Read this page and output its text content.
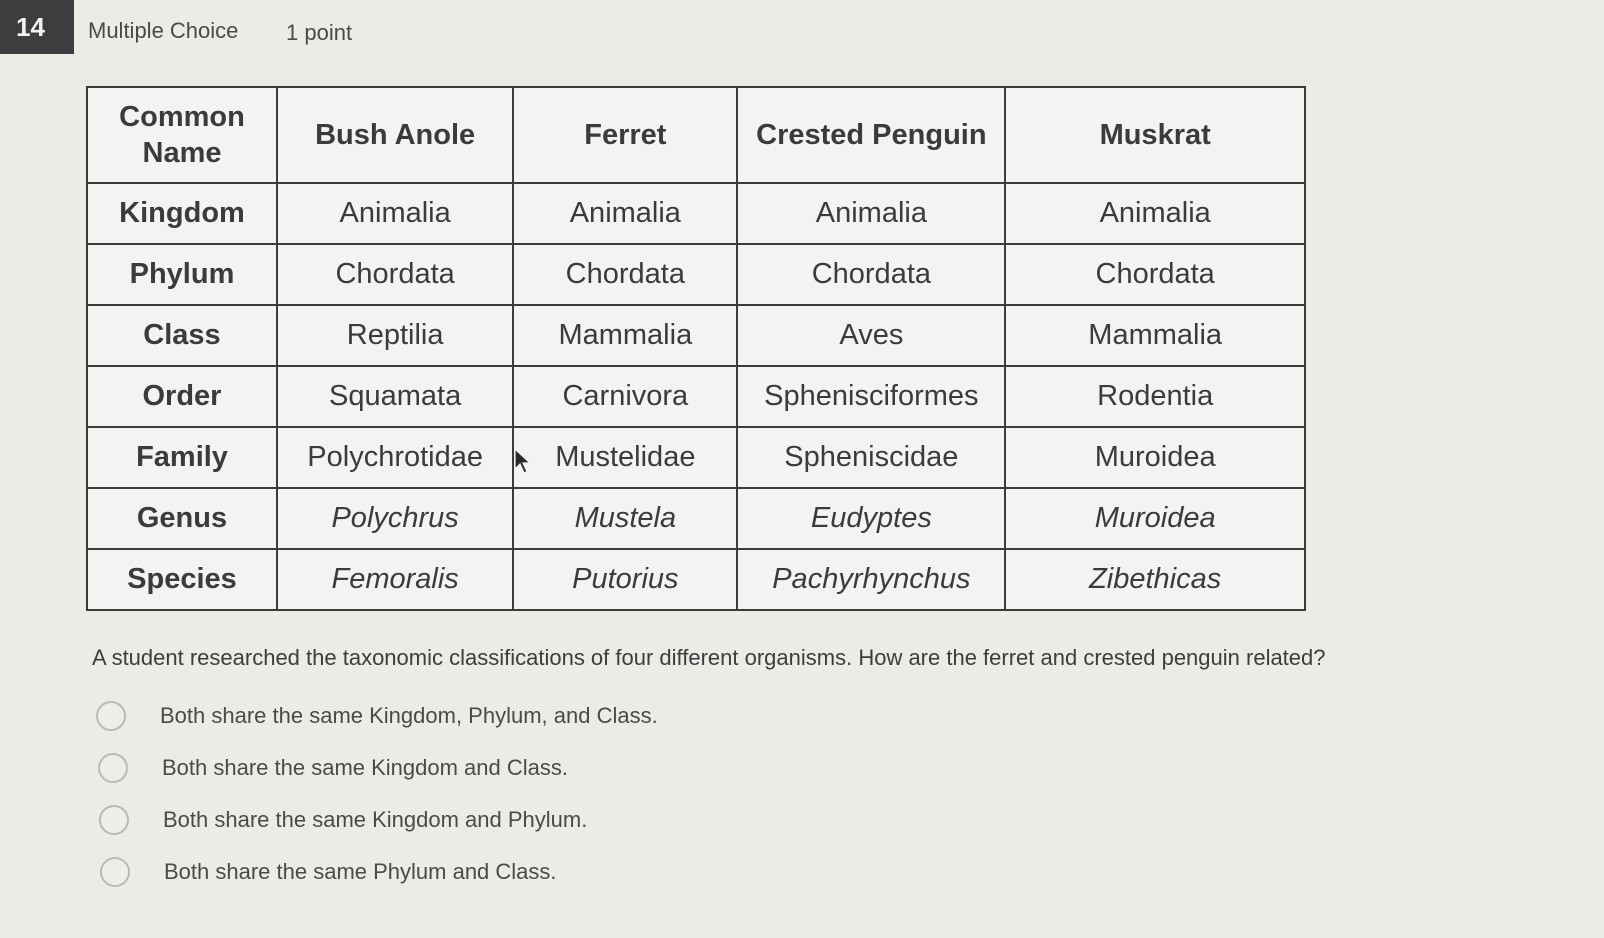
14	Multiple Choice 1 point
Common Name	Bush Anole	Ferret	Crested Penguin	Muskrat
Kingdom	Animalia	Animalia	Animalia	Animalia
Phylum	Chordata	Chordata	Chordata	Chordata
Class	Reptilia	Mammalia	Aves	Mammalia
Order	Squamata	Carnivora	Sphenisciformes	Rodentia
Family	Polychrotidae	Mustelidae	Spheniscidae	Muroidea
Genus	Polychrus	Mustela	Eudyptes	Muroidea
Species	Femoralis	Putorius	Pachyrhynchus	Zibethicas
A student researched the taxonomic classifications of four different organisms. How are the ferret and crested penguin related?
Both share the same Kingdom, Phylum, and Class.
Both share the same Kingdom and Class.
Both share the same Kingdom and Phylum.
Both share the same Phylum and Class.
